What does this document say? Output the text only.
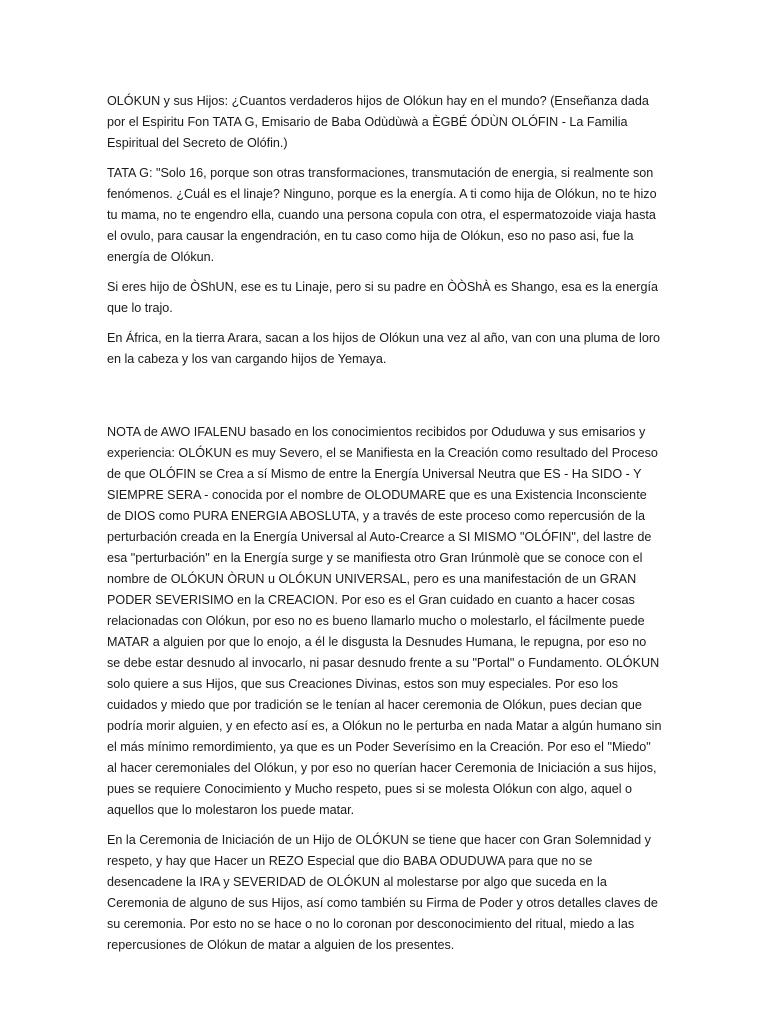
OLÓKUN y sus Hijos: ¿Cuantos verdaderos hijos de Olókun hay en el mundo? (Enseñanza dada por el Espiritu Fon TATA G, Emisario de Baba Odùdùwà a ÈGBÉ ÓDÙN OLÓFIN - La Familia Espiritual del Secreto de Olófin.)

TATA G: "Solo 16, porque son otras transformaciones, transmutación de energia, si realmente son fenómenos. ¿Cuál es el linaje? Ninguno, porque es la energía. A ti como hija de Olókun, no te hizo tu mama, no te engendro ella, cuando una persona copula con otra, el espermatozoide viaja hasta el ovulo, para causar la engendración, en tu caso como hija de Olókun, eso no paso asi, fue la energía de Olókun.

Si eres hijo de ÒShUN, ese es tu Linaje, pero si su padre en ÒÒShÀ es Shango, esa es la energía que lo trajo.

En África, en la tierra Arara, sacan a los hijos de Olókun una vez al año, van con una pluma de loro en la cabeza y los van cargando hijos de Yemaya.

NOTA de AWO IFALENU basado en los conocimientos recibidos por Oduduwa y sus emisarios y experiencia: OLÓKUN es muy Severo, el se Manifiesta en la Creación como resultado del Proceso de que OLÓFIN se Crea a sí Mismo de entre la Energía Universal Neutra que ES - Ha SIDO - Y SIEMPRE SERA - conocida por el nombre de OLODUMARE que es una Existencia Inconsciente de DIOS como PURA ENERGIA ABOSLUTA, y a través de este proceso como repercusión de la perturbación creada en la Energía Universal al Auto-Crearce a SI MISMO "OLÓFIN", del lastre de esa "perturbación" en la Energía surge y se manifiesta otro Gran Irúnmolè que se conoce con el nombre de OLÓKUN ÒRUN u OLÓKUN UNIVERSAL, pero es una manifestación de un GRAN PODER SEVERISIMO en la CREACION. Por eso es el Gran cuidado en cuanto a hacer cosas relacionadas con Olókun, por eso no es bueno llamarlo mucho o molestarlo, el fácilmente puede MATAR a alguien por que lo enojo, a él le disgusta la Desnudes Humana, le repugna, por eso no se debe estar desnudo al invocarlo, ni pasar desnudo frente a su "Portal" o Fundamento. OLÓKUN solo quiere a sus Hijos, que sus Creaciones Divinas, estos son muy especiales. Por eso los cuidados y miedo que por tradición se le tenían al hacer ceremonia de Olókun, pues decian que podría morir alguien, y en efecto así es, a Olókun no le perturba en nada Matar a algún humano sin el más mínimo remordimiento, ya que es un Poder Severísimo en la Creación. Por eso el "Miedo" al hacer ceremoniales del Olókun, y por eso no querían hacer Ceremonia de Iniciación a sus hijos, pues se requiere Conocimiento y Mucho respeto, pues si se molesta Olókun con algo, aquel o aquellos que lo molestaron los puede matar.

En la Ceremonia de Iniciación de un Hijo de OLÓKUN se tiene que hacer con Gran Solemnidad y respeto, y hay que Hacer un REZO Especial que dio BABA ODUDUWA para que no se desencadene la IRA y SEVERIDAD de OLÓKUN al molestarse por algo que suceda en la Ceremonia de alguno de sus Hijos, así como también su Firma de Poder y otros detalles claves de su ceremonia. Por esto no se hace o no lo coronan por desconocimiento del ritual, miedo a las repercusiones de Olókun de matar a alguien de los presentes.
